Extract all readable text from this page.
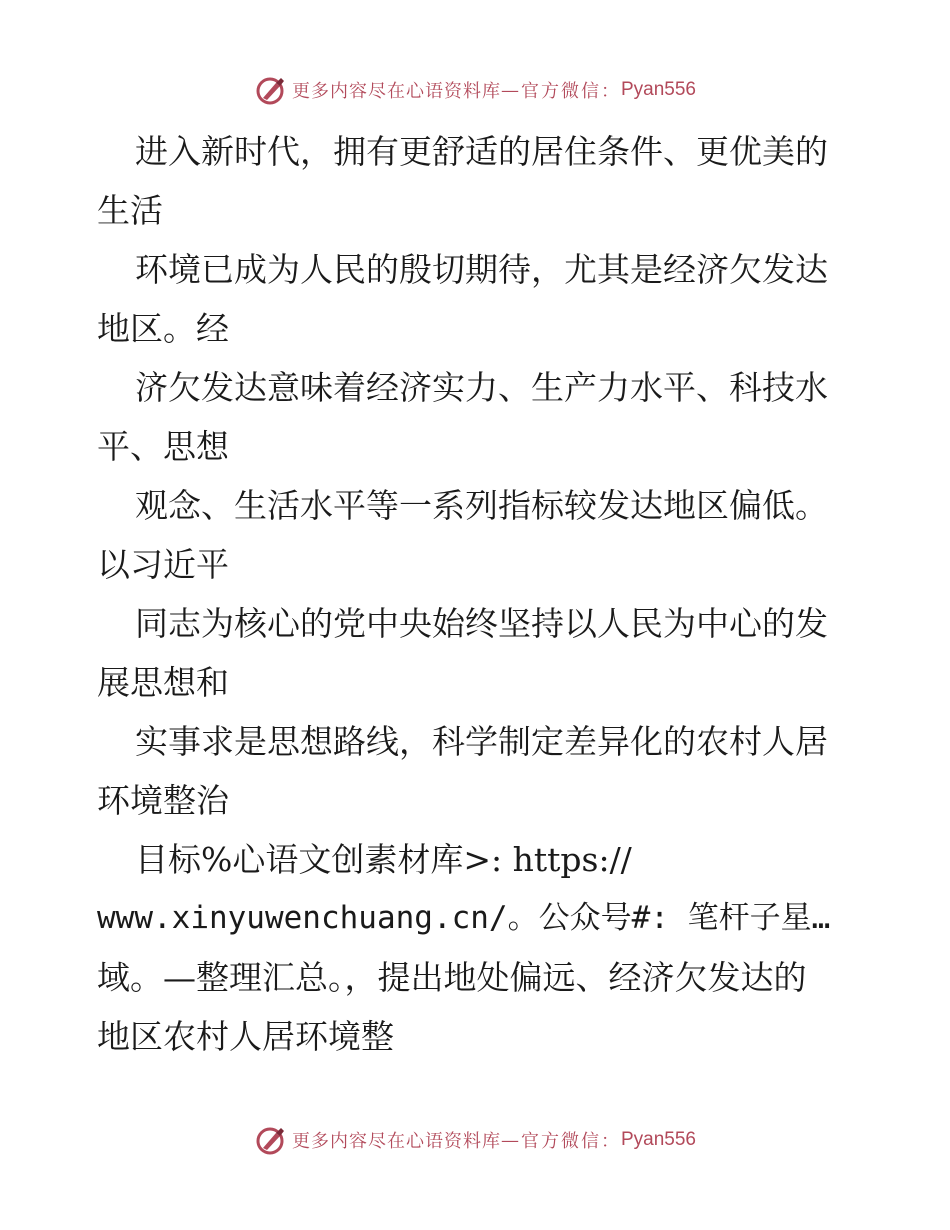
更多内容尽在心语资料库 — 官方微信： Pyan556
进入新时代，拥有更舒适的居住条件、更优美的
生活
环境已成为人民的殷切期待，尤其是经济欠发达
地区。经
济欠发达意味着经济实力、生产力水平、科技水
平、思想
观念、生活水平等一系列指标较发达地区偏低。
以习近平
同志为核心的党中央始终坚持以人民为中心的发
展思想和
实事求是思想路线，科学制定差异化的农村人居
环境整治
目标%心语文创素材库>: https://
www.xinyuwenchuang.cn/。公众号#: 笔杆子星…
域。—整理汇总。，提出地处偏远、经济欠发达的
地区农村人居环境整
更多内容尽在心语资料库 — 官方微信： Pyan556
